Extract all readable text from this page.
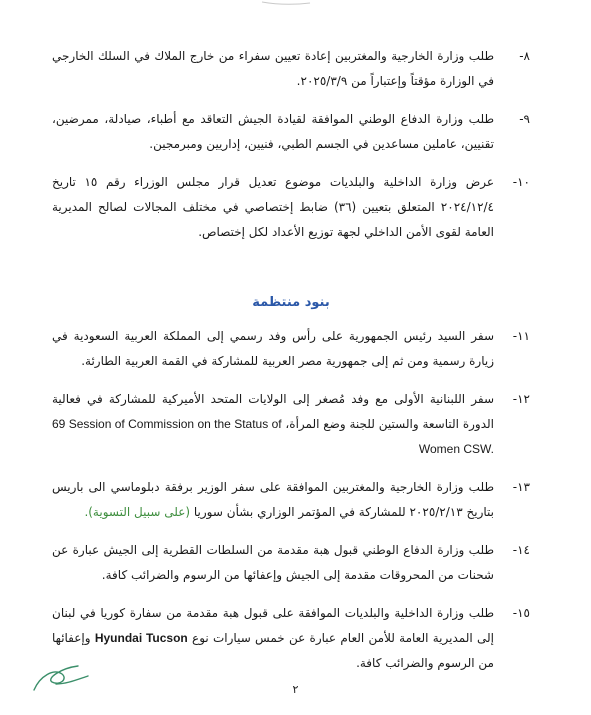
٨-
طلب وزارة الخارجية والمغتربين إعادة تعيين سفراء من خارج الملاك في السلك الخارجي في الوزارة مؤقتاً وإعتباراً من ٢٠٢٥/٣/٩.
٩-
طلب وزارة الدفاع الوطني الموافقة لقيادة الجيش التعاقد مع أطباء، صيادلة، ممرضين، تقنيين، عاملين مساعدين في الجسم الطبي، فنيين، إداريين ومبرمجين.
١٠-
عرض وزارة الداخلية والبلديات موضوع تعديل قرار مجلس الوزراء رقم ١٥ تاريخ ٢٠٢٤/١٢/٤ المتعلق بتعيين (٣٦) ضابط إختصاصي في مختلف المجالات لصالح المديرية العامة لقوى الأمن الداخلي لجهة توزيع الأعداد لكل إختصاص.
بنود منتظمة
١١-
سفر السيد رئيس الجمهورية على رأس وفد رسمي إلى المملكة العربية السعودية في زيارة رسمية ومن ثم إلى جمهورية مصر العربية للمشاركة في القمة العربية الطارئة.
١٢-
سفر اللبنانية الأولى مع وفد مُصغر إلى الولايات المتحد الأميركية للمشاركة في فعالية الدورة التاسعة والستين للجنة وضع المرأة، 69 Session of Commission on the Status of Women CSW.
١٣-
طلب وزارة الخارجية والمغتربين الموافقة على سفر الوزير برفقة دبلوماسي الى باريس بتاريخ ٢٠٢٥/٢/١٣ للمشاركة في المؤتمر الوزاري بشأن سوريا (على سبيل التسوية).
١٤-
طلب وزارة الدفاع الوطني قبول هبة مقدمة من السلطات القطرية إلى الجيش عبارة عن شحنات من المحروقات مقدمة إلى الجيش وإعفائها من الرسوم والضرائب كافة.
١٥-
طلب وزارة الداخلية والبلديات الموافقة على قبول هبة مقدمة من سفارة كوريا في لبنان إلى المديرية العامة للأمن العام عبارة عن خمس سيارات نوع Hyundai Tucson وإعفائها من الرسوم والضرائب كافة.
٢
